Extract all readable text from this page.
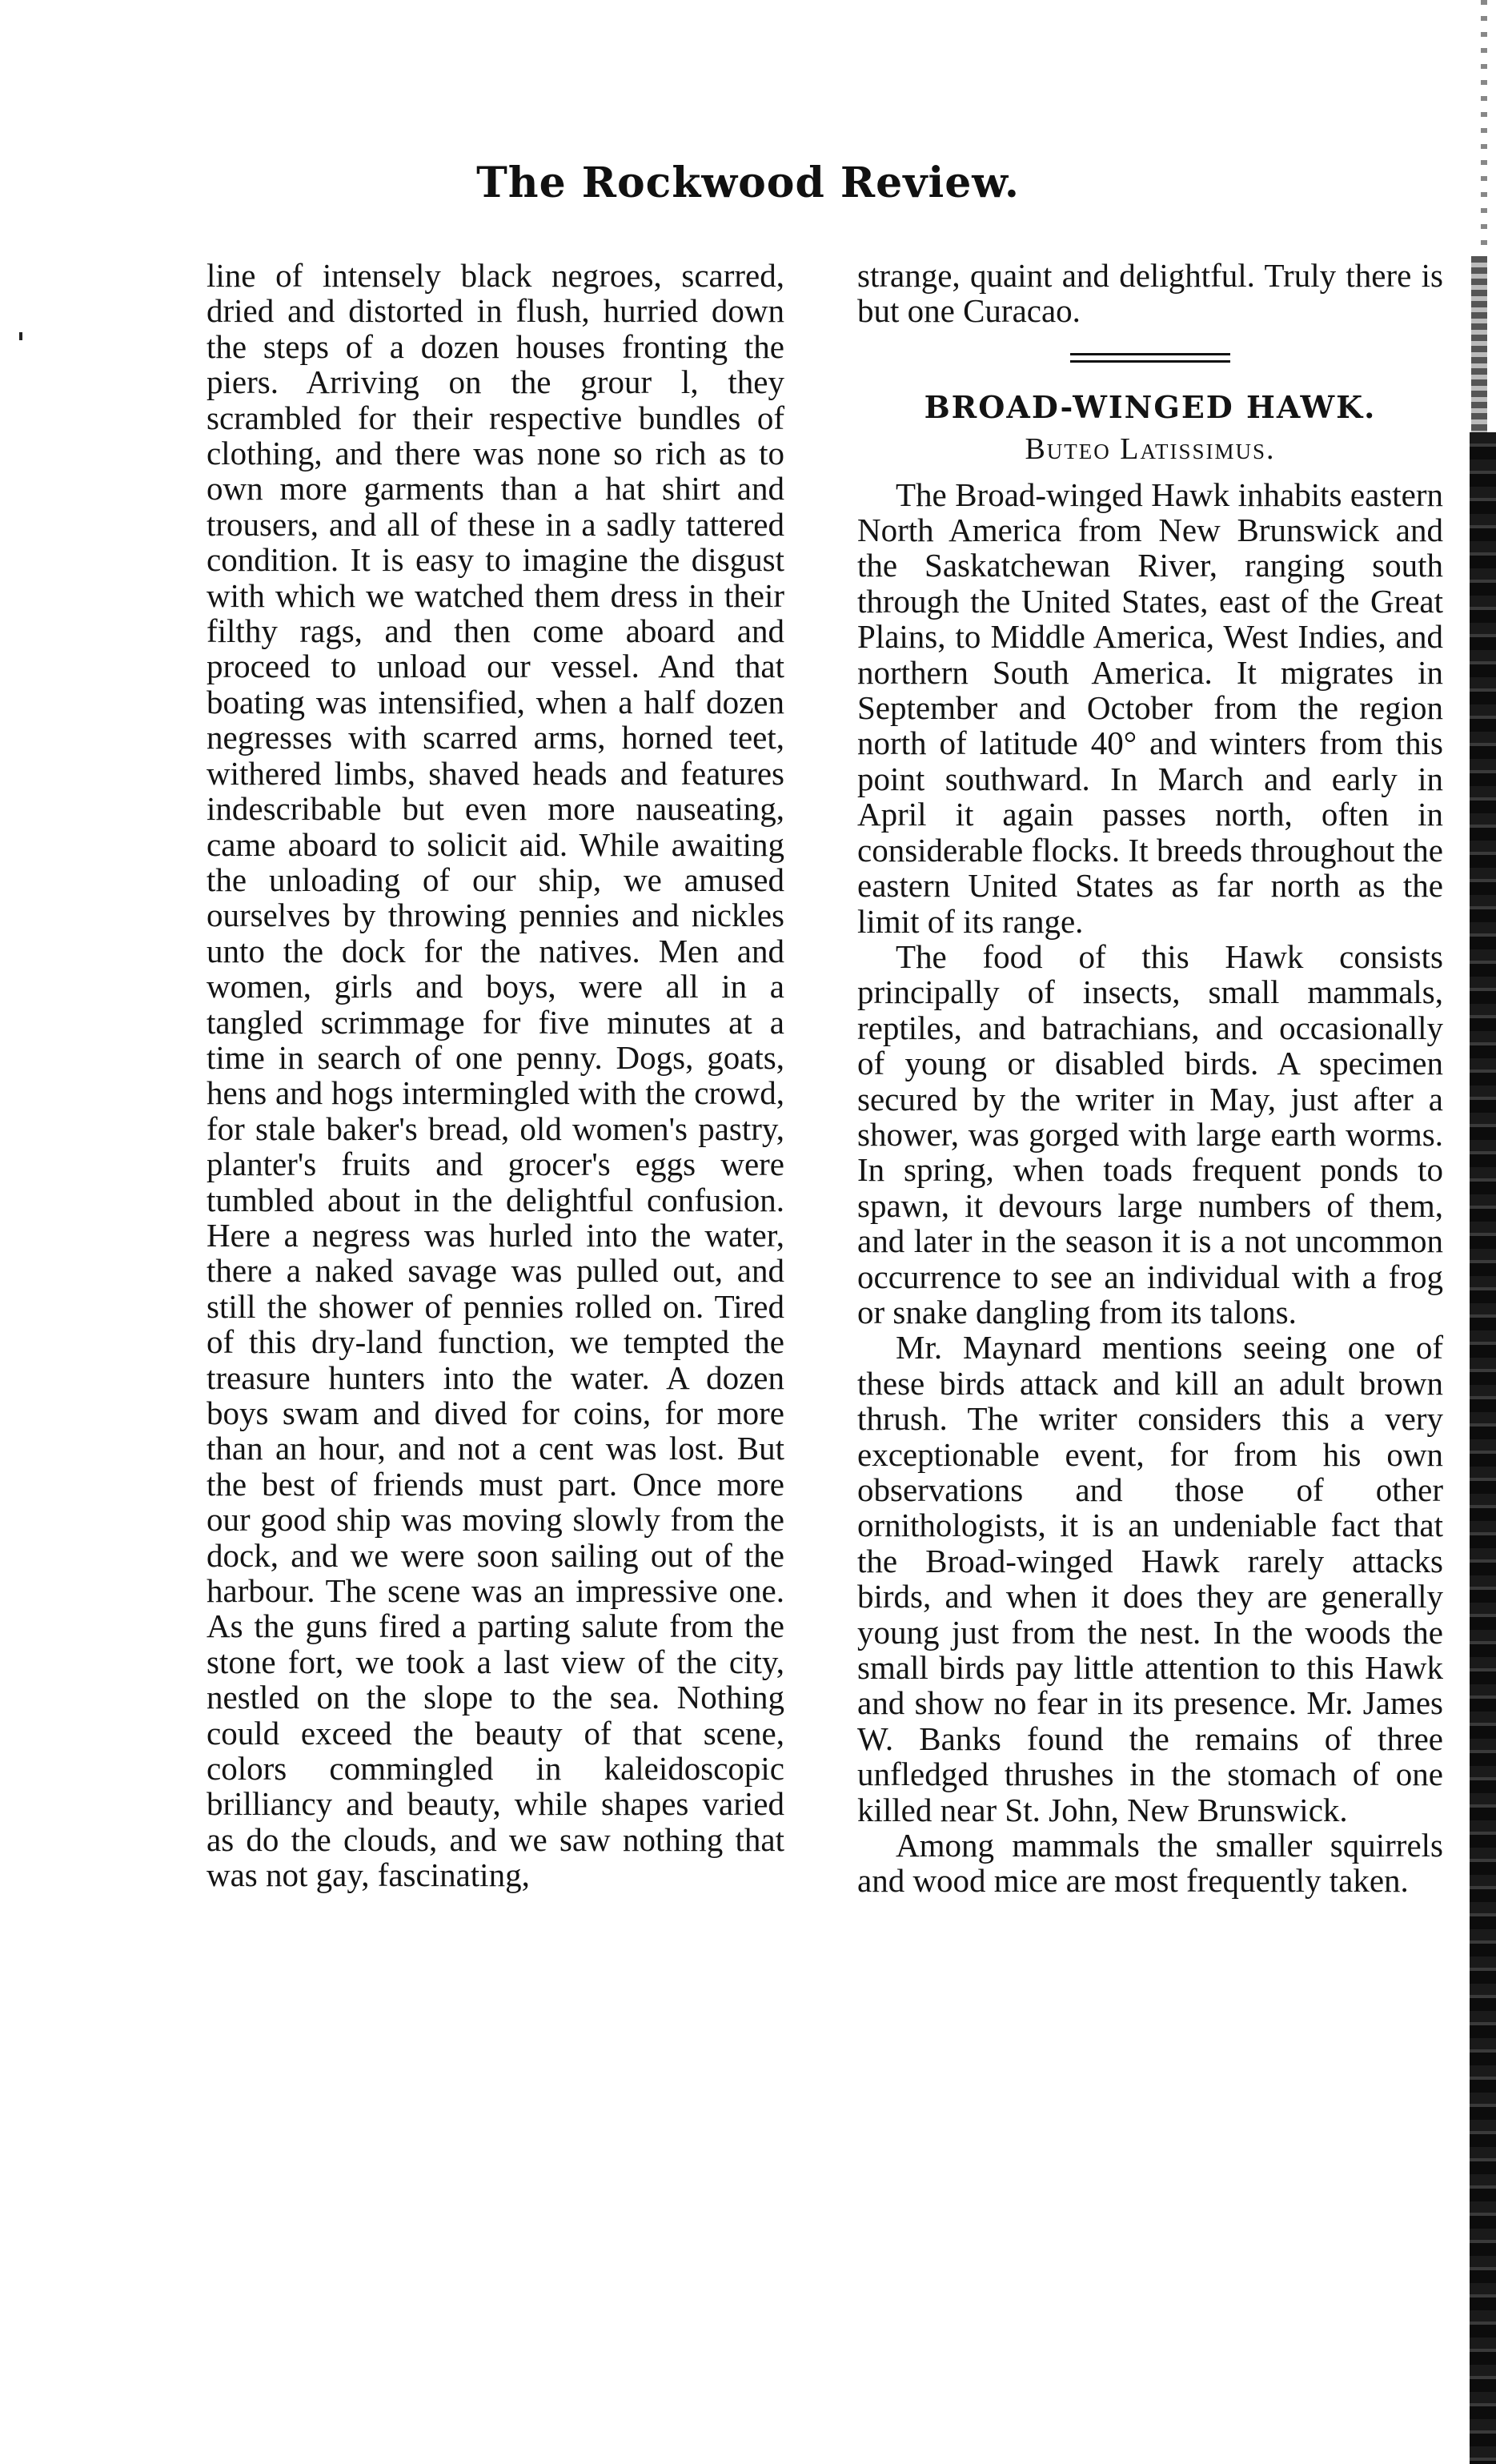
The Rockwood Review.

line of intensely black negroes, scarred, dried and distorted in flush, hurried down the steps of a dozen houses fronting the piers. Arriving on the grour l, they scrambled for their respective bundles of clothing, and there was none so rich as to own more garments than a hat shirt and trousers, and all of these in a sadly tattered condition. It is easy to imagine the disgust with which we watched them dress in their filthy rags, and then come aboard and proceed to unload our vessel. And that boating was intensified, when a half dozen negresses with scarred arms, horned teet, withered limbs, shaved heads and features indescribable but even more nauseating, came aboard to solicit aid. While awaiting the unloading of our ship, we amused ourselves by throwing pennies and nickles unto the dock for the natives. Men and women, girls and boys, were all in a tangled scrimmage for five minutes at a time in search of one penny. Dogs, goats, hens and hogs intermingled with the crowd, for stale baker's bread, old women's pastry, planter's fruits and grocer's eggs were tumbled about in the delightful confusion. Here a negress was hurled into the water, there a naked savage was pulled out, and still the shower of pennies rolled on. Tired of this dry-land function, we tempted the treasure hunters into the water. A dozen boys swam and dived for coins, for more than an hour, and not a cent was lost. But the best of friends must part. Once more our good ship was moving slowly from the dock, and we were soon sailing out of the harbour. The scene was an impressive one. As the guns fired a parting salute from the stone fort, we took a last view of the city, nestled on the slope to the sea. Nothing could exceed the beauty of that scene, colors commingled in kaleidoscopic brilliancy and beauty, while shapes varied as do the clouds, and we saw nothing that was not gay, fascinating,

strange, quaint and delightful. Truly there is but one Curacao.

BROAD-WINGED HAWK.
Buteo Latissimus.

The Broad-winged Hawk inhabits eastern North America from New Brunswick and the Saskatchewan River, ranging south through the United States, east of the Great Plains, to Middle America, West Indies, and northern South America. It migrates in September and October from the region north of latitude 40° and winters from this point southward. In March and early in April it again passes north, often in considerable flocks. It breeds throughout the eastern United States as far north as the limit of its range.

The food of this Hawk consists principally of insects, small mammals, reptiles, and batrachians, and occasionally of young or disabled birds. A specimen secured by the writer in May, just after a shower, was gorged with large earth worms. In spring, when toads frequent ponds to spawn, it devours large numbers of them, and later in the season it is a not uncommon occurrence to see an individual with a frog or snake dangling from its talons.

Mr. Maynard mentions seeing one of these birds attack and kill an adult brown thrush. The writer considers this a very exceptionable event, for from his own observations and those of other ornithologists, it is an undeniable fact that the Broad-winged Hawk rarely attacks birds, and when it does they are generally young just from the nest. In the woods the small birds pay little attention to this Hawk and show no fear in its presence. Mr. James W. Banks found the remains of three unfledged thrushes in the stomach of one killed near St. John, New Brunswick.

Among mammals the smaller squirrels and wood mice are most frequently taken.
